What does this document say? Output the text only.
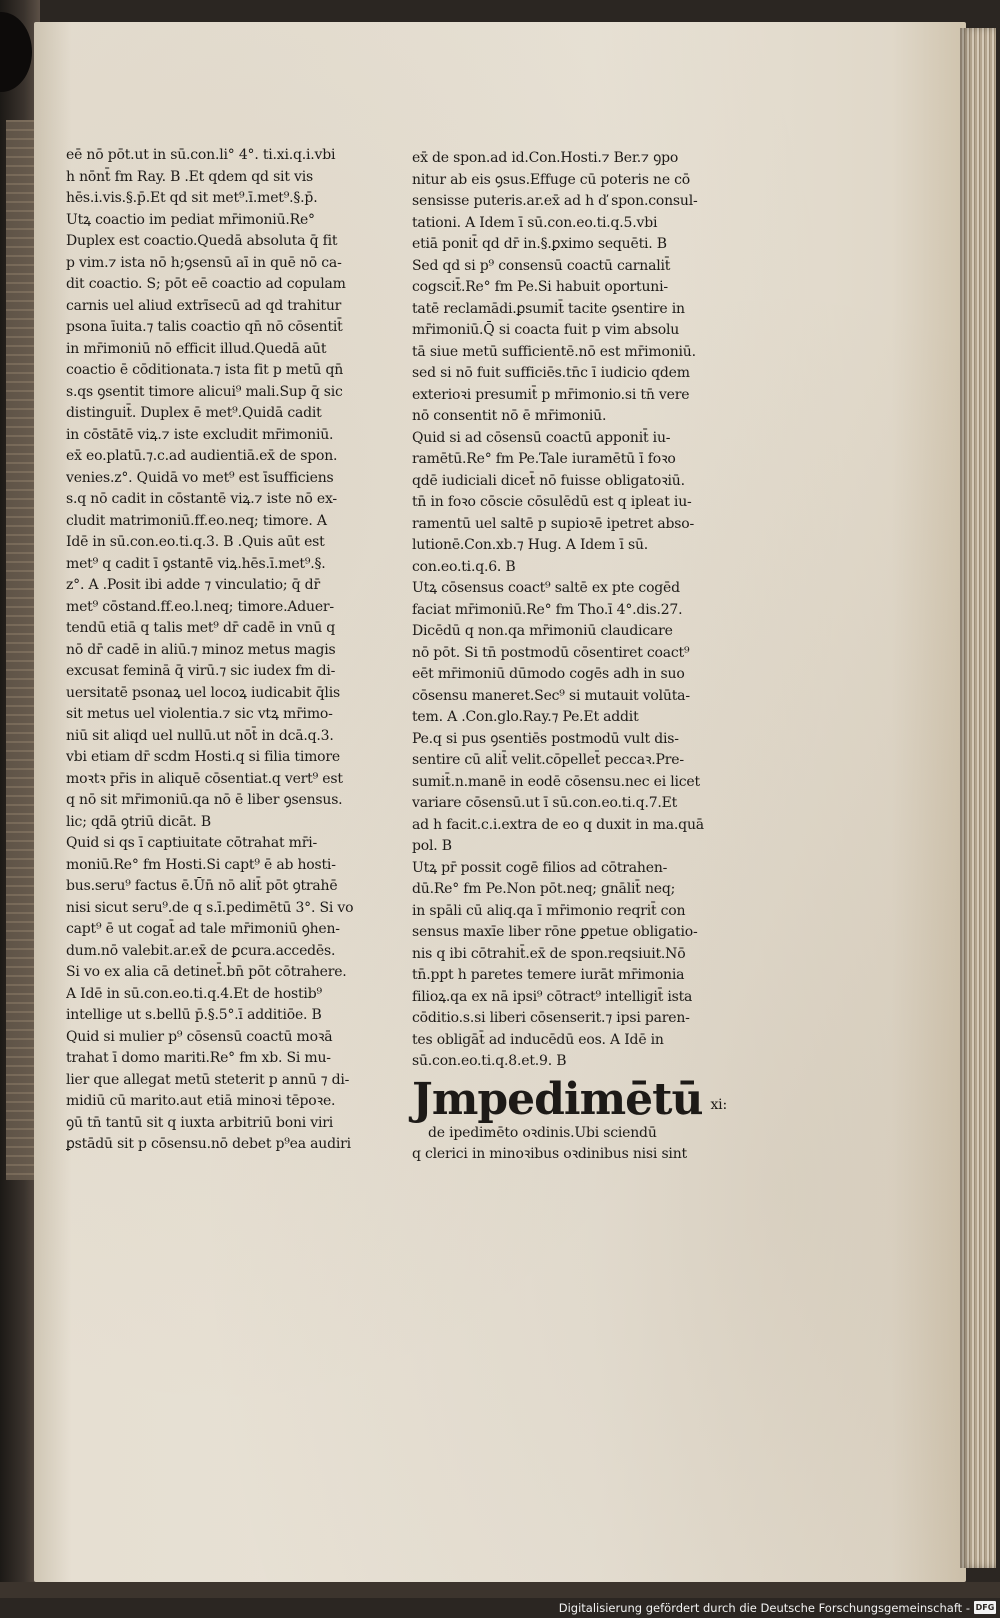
eē nō pōt.ut in sū.con.li° 4°. ti.xi.q.i.vbi
h nōnt̄ fm Ray. B .Et qdem qd sit vis
hēs.i.vis.§.p̄.Et qd sit met⁹.ī.met⁹.§.p̄.
Utꝝ coactio im pediat mr̄imoniū.Re°
Duplex est coactio.Quedā absoluta q̄ fit
p vim.⁊ ista nō h;ꝯsensū aī in quē nō ca-
dit coactio. S; pōt eē coactio ad copulam
carnis uel aliud extrīsecū ad qd trahitur
psona īuita.⁊ talis coactio qn̄ nō cōsentit̄
in mr̄imoniū nō efficit illud.Quedā aūt
coactio ē cōditionata.⁊ ista fit p metū qn̄
s.qs ꝯsentit timore alicui⁹ mali.Sup q̄ sic
distinguit̄. Duplex ē met⁹.Quidā cadit
in cōstātē viꝝ.⁊ iste excludit mr̄imoniū.
ex̄ eo.platū.⁊.c.ad audientiā.ex̄ de spon.
venies.z°. Quidā vo met⁹ est īsufficiens
s.q nō cadit in cōstantē viꝝ.⁊ iste nō ex-
cludit matrimoniū.ff.eo.neq; timore. A
Idē in sū.con.eo.ti.q.3. B .Quis aūt est
met⁹ q cadit ī ꝯstantē viꝝ.hēs.ī.met⁹.§.
z°. A .Posit ibi adde ⁊ vinculatio; q̄ dr̄
met⁹ cōstand.ff.eo.l.neq; timore.Aduer-
tendū etiā q talis met⁹ dr̄ cadē in vnū q
nō dr̄ cadē in aliū.⁊ minoz metus magis
excusat feminā q̄ virū.⁊ sic iudex fm di-
uersitatē psonaꝝ uel locoꝝ iudicabit q̄lis
sit metus uel violentia.⁊ sic vtꝝ mr̄imo-
niū sit aliqd uel nullū.ut nōt̄ in dcā.q.3.
vbi etiam dr̄ scdm Hosti.q si filia timore
moꝛtꝛ pr̄is in aliquē cōsentiat.q vert⁹ est
q nō sit mr̄imoniū.qa nō ē liber ꝯsensus.
lic; qdā ꝯtriū dicāt. B
Quid si qs ī captiuitate cōtrahat mr̄i-
moniū.Re° fm Hosti.Si capt⁹ ē ab hosti-
bus.seru⁹ factus ē.Ūn̄ nō alit̄ pōt ꝯtrahē
nisi sicut seru⁹.de q s.ī.pedimētū 3°. Si vo
capt⁹ ē ut cogat̄ ad tale mr̄imoniū ꝯhen-
dum.nō valebit.ar.ex̄ de ꝑcura.accedēs.
Si vo ex alia cā detinet̄.bn̄ pōt cōtrahere.
A Idē in sū.con.eo.ti.q.4.Et de hostib⁹
intellige ut s.bellū p̄.§.5°.ī additiōe. B
Quid si mulier p⁹ cōsensū coactū moꝛā
trahat ī domo mariti.Re° fm xb. Si mu-
lier que allegat metū steterit p annū ⁊ di-
midiū cū marito.aut etiā minoꝛi tēpoꝛe.
ꝯū tn̄ tantū sit q iuxta arbitriū boni viri
ꝑstādū sit p cōsensu.nō debet p⁹ea audiri
ex̄ de spon.ad id.Con.Hosti.⁊ Ber.⁊ ꝯpo
nitur ab eis ꝯsus.Effuge cū poteris ne cō
sensisse puteris.ar.ex̄ ad h ď spon.consul-
tationi. A Idem ī sū.con.eo.ti.q.5.vbi
etiā ponit̄ qd dr̄ in.§.ꝑximo sequēti. B
Sed qd si p⁹ consensū coactū carnalit̄
cogscit̄.Re° fm Pe.Si habuit oportuni-
tatē reclamādi.ꝑsumit̄ tacite ꝯsentire in
mr̄imoniū.Q̄ si coacta fuit p vim absolu
tā siue metū sufficientē.nō est mr̄imoniū.
sed si nō fuit sufficiēs.tn̄c ī iudicio qdem
exterioꝛi presumit̄ p mr̄imonio.si tn̄ vere
nō consentit nō ē mr̄imoniū.
Quid si ad cōsensū coactū apponit̄ iu-
ramētū.Re° fm Pe.Tale iuramētū ī foꝛo
qdē iudiciali dicet̄ nō fuisse obligatoꝛiū.
tn̄ in foꝛo cōscie cōsulēdū est q ipleat iu-
ramentū uel saltē p supioꝛē ipetret abso-
lutionē.Con.xb.⁊ Hug. A Idem ī sū.
con.eo.ti.q.6. B
Utꝝ cōsensus coact⁹ saltē ex pte cogēd
faciat mr̄imoniū.Re° fm Tho.ī 4°.dis.27.
Dicēdū q non.qa mr̄imoniū claudicare
nō pōt. Si tn̄ postmodū cōsentiret coact⁹
eēt mr̄imoniū dūmodo cogēs adh in suo
cōsensu maneret.Sec⁹ si mutauit volūta-
tem. A .Con.glo.Ray.⁊ Pe.Et addit
Pe.q si pus ꝯsentiēs postmodū vult dis-
sentire cū alit̄ velit.cōpellet̄ peccaꝛ.Pre-
sumit̄.n.manē in eodē cōsensu.nec ei licet
variare cōsensū.ut ī sū.con.eo.ti.q.7.Et
ad h facit.c.i.extra de eo q duxit in ma.quā
pol. B
Utꝝ pr̄ possit cogē filios ad cōtrahen-
dū.Re° fm Pe.Non pōt.neq; gnālit̄ neq;
in spāli cū aliq.qa ī mr̄imonio reqrit̄ con
sensus maxīe liber rōne ꝑpetue obligatio-
nis q ibi cōtrahit̄.ex̄ de spon.reqsiuit.Nō
tn̄.ppt h paretes temere iurāt mr̄imonia
filioꝝ.qa ex nā ipsi⁹ cōtract⁹ intelligit̄ ista
cōditio.s.si liberi cōsenserit.⁊ ipsi paren-
tes obligāt̄ ad inducēdū eos. A Idē in
sū.con.eo.ti.q.8.et.9. B
Jmpedimētū xi:
de ipedimēto oꝛdinis.Ubi sciendū
q clerici in minoꝛibus oꝛdinibus nisi sint
Digitalisierung gefördert durch die Deutsche Forschungsgemeinschaft - DFG
